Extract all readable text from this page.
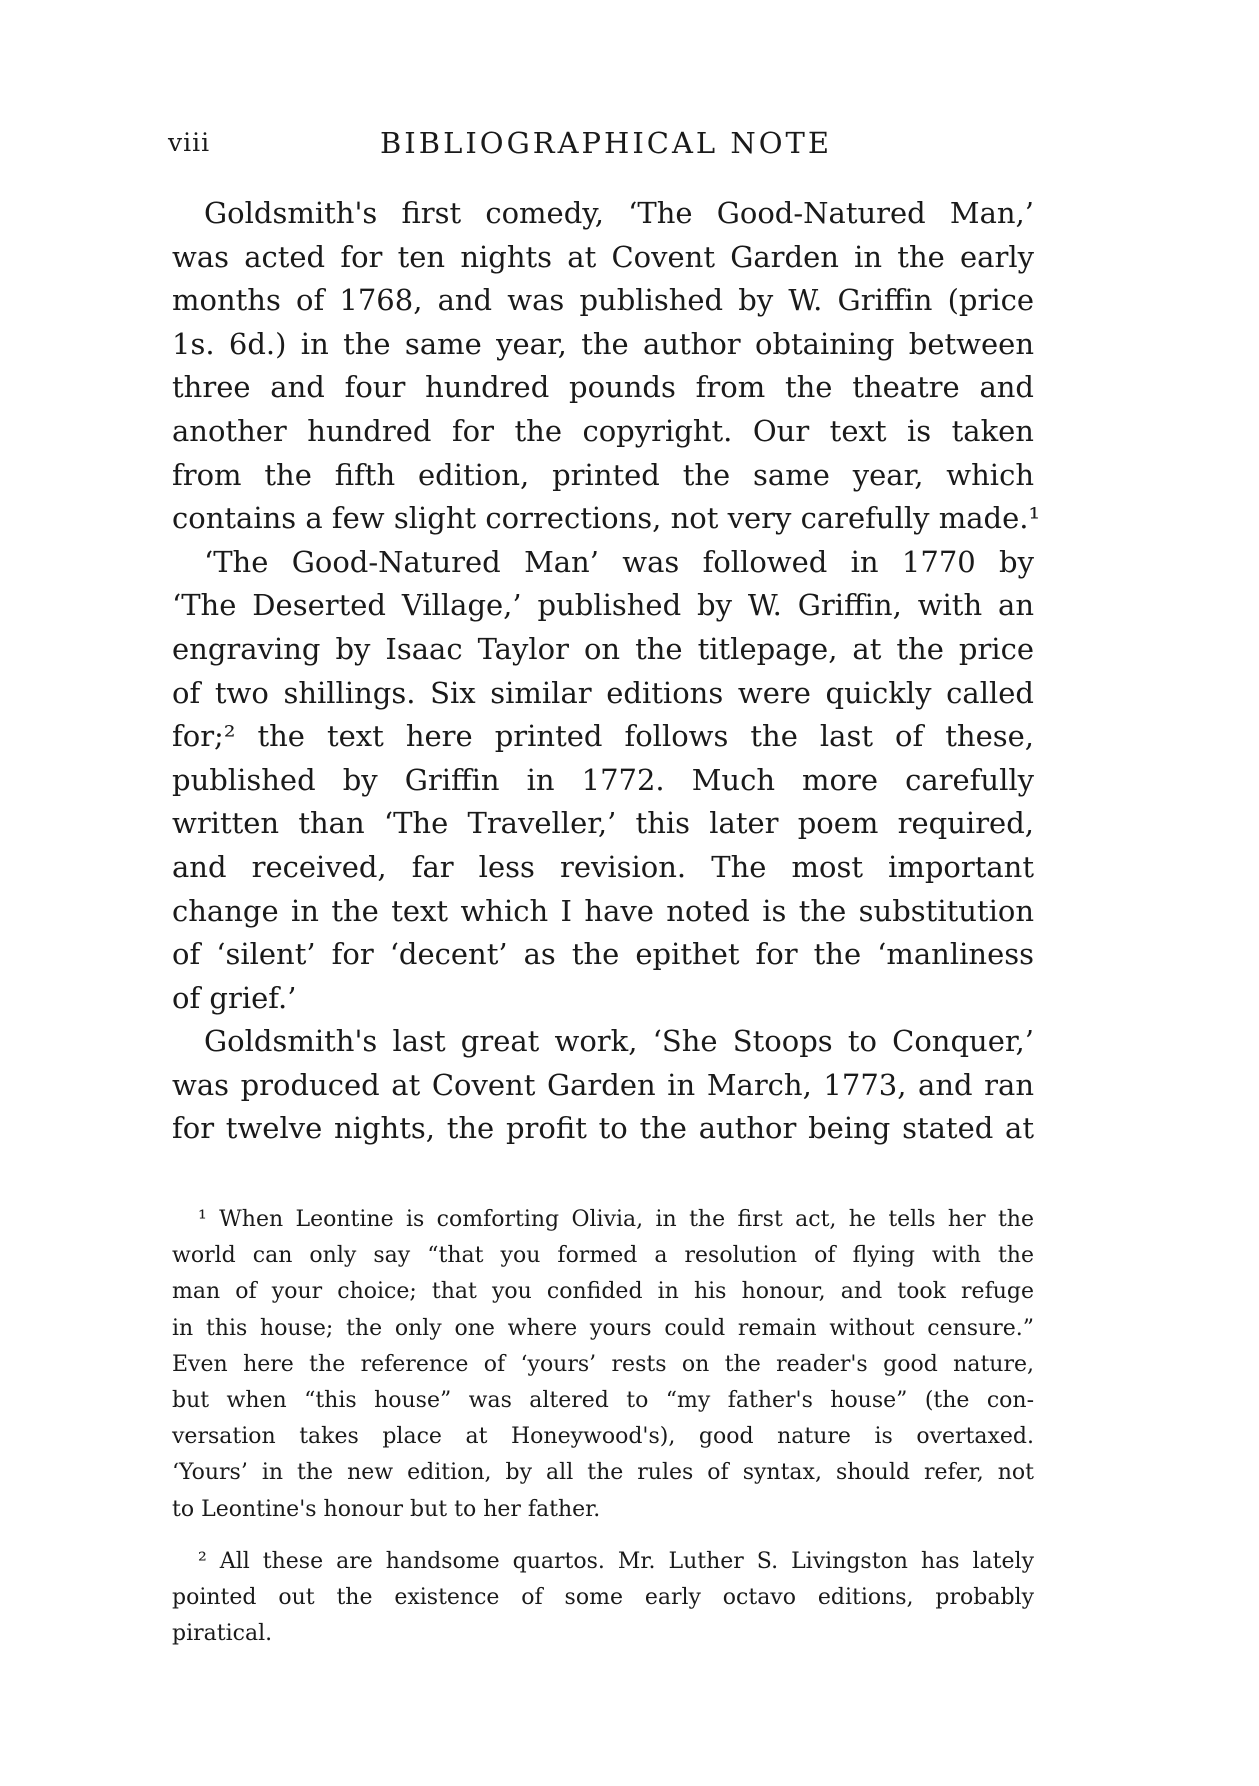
viii	BIBLIOGRAPHICAL NOTE
Goldsmith's first comedy, ‘The Good-Natured Man,’
was acted for ten nights at Covent Garden in the early
months of 1768, and was published by W. Griffin (price
1s. 6d.) in the same year, the author obtaining between
three and four hundred pounds from the theatre and
another hundred for the copyright. Our text is taken
from the fifth edition, printed the same year, which
contains a few slight corrections, not very carefully made.¹
‘The Good-Natured Man’ was followed in 1770 by
‘The Deserted Village,’ published by W. Griffin, with an
engraving by Isaac Taylor on the titlepage, at the price
of two shillings. Six similar editions were quickly called
for;² the text here printed follows the last of these,
published by Griffin in 1772. Much more carefully
written than ‘The Traveller,’ this later poem required,
and received, far less revision. The most important
change in the text which I have noted is the substitution
of ‘silent’ for ‘decent’ as the epithet for the ‘manliness
of grief.’
Goldsmith's last great work, ‘She Stoops to Conquer,’
was produced at Covent Garden in March, 1773, and ran
for twelve nights, the profit to the author being stated at
¹ When Leontine is comforting Olivia, in the first act, he tells her the
world can only say “that you formed a resolution of flying with the
man of your choice; that you confided in his honour, and took refuge
in this house; the only one where yours could remain without censure.”
Even here the reference of ‘yours’ rests on the reader's good nature,
but when “this house” was altered to “my father's house” (the con-
versation takes place at Honeywood's), good nature is overtaxed.
‘Yours’ in the new edition, by all the rules of syntax, should refer, not
to Leontine's honour but to her father.
² All these are handsome quartos. Mr. Luther S. Livingston has lately
pointed out the existence of some early octavo editions, probably
piratical.
